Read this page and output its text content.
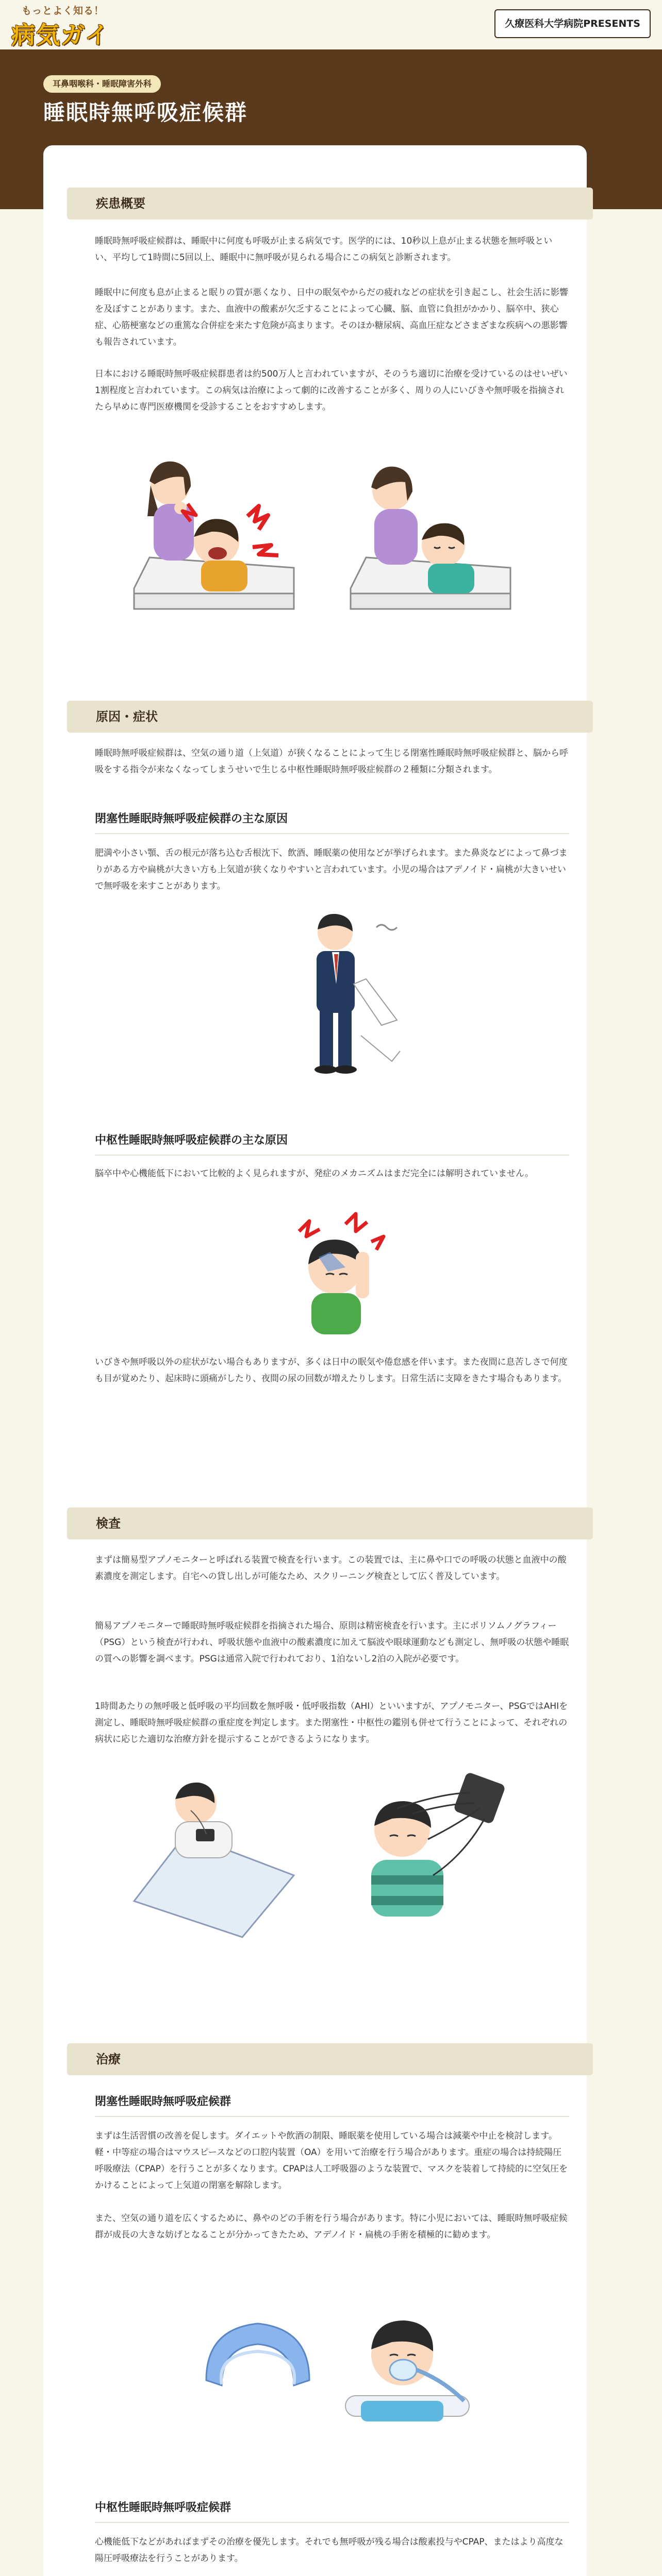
もっとよく知る！
病気ガイ	久療医科大学病院PRESENTS
耳鼻咽喉科・睡眠障害外科
睡眠時無呼吸症候群
疾患概要

睡眠時無呼吸症候群は、睡眠中に何度も呼吸が止まる病気です。医学的には、10秒以上息が止まる状態を無呼吸といい、平均して1時間に5回以上、睡眠中に無呼吸が見られる場合にこの病気と診断されます。

睡眠中に何度も息が止まると眠りの質が悪くなり、日中の眠気やからだの疲れなどの症状を引き起こし、社会生活に影響を及ぼすことがあります。また、血液中の酸素が欠乏することによって心臓、脳、血管に負担がかかり、脳卒中、狭心症、心筋梗塞などの重篤な合併症を来たす危険が高まります。そのほか糖尿病、高血圧症などさまざまな疾病への悪影響も報告されています。

日本における睡眠時無呼吸症候群患者は約500万人と言われていますが、そのうち適切に治療を受けているのはせいぜい1割程度と言われています。この病気は治療によって劇的に改善することが多く、周りの人にいびきや無呼吸を指摘されたら早めに専門医療機関を受診することをおすすめします。

原因・症状

睡眠時無呼吸症候群は、空気の通り道（上気道）が狭くなることによって生じる閉塞性睡眠時無呼吸症候群と、脳から呼吸をする指令が来なくなってしまうせいで生じる中枢性睡眠時無呼吸症候群の２種類に分類されます。

閉塞性睡眠時無呼吸症候群の主な原因

肥満や小さい顎、舌の根元が落ち込む舌根沈下、飲酒、睡眠薬の使用などが挙げられます。また鼻炎などによって鼻づまりがある方や扁桃が大きい方も上気道が狭くなりやすいと言われています。小児の場合はアデノイド・扁桃が大きいせいで無呼吸を来すことがあります。

中枢性睡眠時無呼吸症候群の主な原因

脳卒中や心機能低下において比較的よく見られますが、発症のメカニズムはまだ完全には解明されていません。

いびきや無呼吸以外の症状がない場合もありますが、多くは日中の眠気や倦怠感を伴います。また夜間に息苦しさで何度も目が覚めたり、起床時に頭痛がしたり、夜間の尿の回数が増えたりします。日常生活に支障をきたす場合もあります。

検査

まずは簡易型アプノモニターと呼ばれる装置で検査を行います。この装置では、主に鼻や口での呼吸の状態と血液中の酸素濃度を測定します。自宅への貸し出しが可能なため、スクリーニング検査として広く普及しています。

簡易アプノモニターで睡眠時無呼吸症候群を指摘された場合、原則は精密検査を行います。主にポリソムノグラフィー（PSG）という検査が行われ、呼吸状態や血液中の酸素濃度に加えて脳波や眼球運動なども測定し、無呼吸の状態や睡眠の質への影響を調べます。PSGは通常入院で行われており、1泊ないし2泊の入院が必要です。

1時間あたりの無呼吸と低呼吸の平均回数を無呼吸・低呼吸指数（AHI）といいますが、アプノモニター、PSGではAHIを測定し、睡眠時無呼吸症候群の重症度を判定します。また閉塞性・中枢性の鑑別も併せて行うことによって、それぞれの病状に応じた適切な治療方針を提示することができるようになります。

治療
閉塞性睡眠時無呼吸症候群

まずは生活習慣の改善を促します。ダイエットや飲酒の制限、睡眠薬を使用している場合は減薬や中止を検討します。軽・中等症の場合はマウスピースなどの口腔内装置（OA）を用いて治療を行う場合があります。重症の場合は持続陽圧呼吸療法（CPAP）を行うことが多くなります。CPAPは人工呼吸器のような装置で、マスクを装着して持続的に空気圧をかけることによって上気道の閉塞を解除します。

また、空気の通り道を広くするために、鼻やのどの手術を行う場合があります。特に小児においては、睡眠時無呼吸症候群が成長の大きな妨げとなることが分かってきたため、アデノイド・扁桃の手術を積極的に勧めます。

中枢性睡眠時無呼吸症候群

心機能低下などがあればまずその治療を優先します。それでも無呼吸が残る場合は酸素投与やCPAP、またはより高度な陽圧呼吸療法を行うことがあります。
